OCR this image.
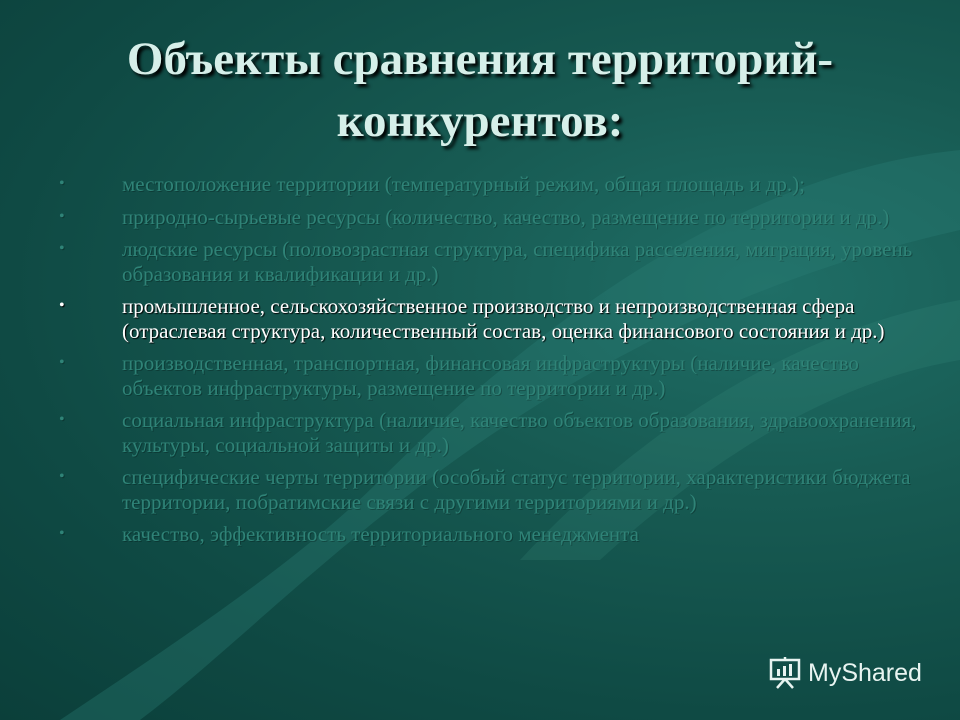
Объекты сравнения территорий-
конкурентов:
•	местоположение территории (температурный режим, общая площадь и др.);
•	природно-сырьевые ресурсы (количество, качество, размещение по территории и др.)
•	людские ресурсы (половозрастная структура, специфика расселения, миграция, уровень образования и квалификации и др.)
•	промышленное, сельскохозяйственное производство и непроизводственная сфера (отраслевая структура, количественный состав, оценка финансового состояния и др.)
•	производственная, транспортная, финансовая инфраструктуры (наличие, качество объектов инфраструктуры, размещение по территории и др.)
•	социальная инфраструктура (наличие, качество объектов образования, здравоохранения, культуры, социальной защиты и др.)
•	специфические черты территории (особый статус территории, характеристики бюджета территории, побратимские связи с другими территориями и др.)
•	качество, эффективность территориального менеджмента
MyShared
